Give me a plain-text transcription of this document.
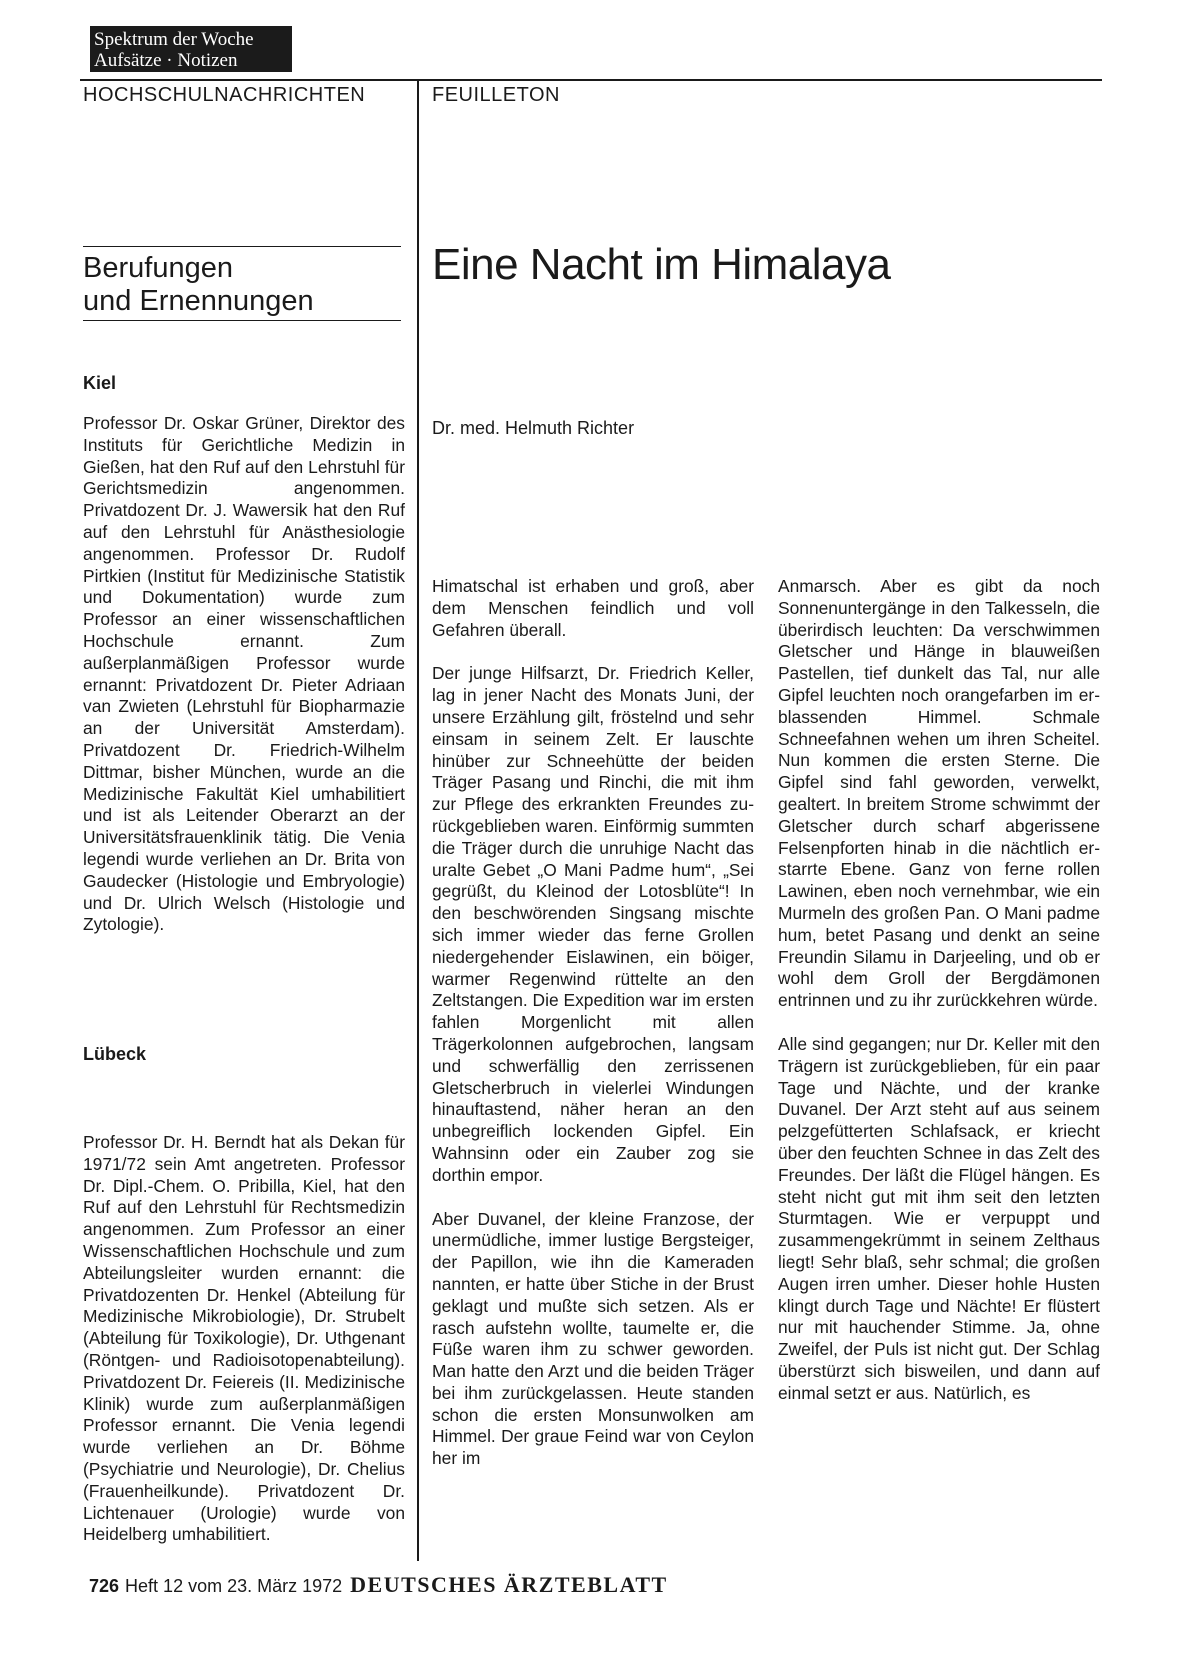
Spektrum der Woche
Aufsätze · Notizen
HOCHSCHULNACHRICHTEN	FEUILLETON
Berufungen
und Ernennungen
Kiel

Professor Dr. Oskar Grüner, Direktor des Instituts für Gerichtliche Medizin in Gießen, hat den Ruf auf den Lehrstuhl für Gerichtsmedizin angenommen. Privatdozent Dr. J. Wawersik hat den Ruf auf den Lehrstuhl für Anästhesiologie angenommen. Professor Dr. Rudolf Pirtkien (Institut für Medizinische Statistik und Dokumentation) wurde zum Professor an einer wissenschaftlichen Hochschule ernannt. Zum außerplanmäßigen Professor wurde ernannt: Privatdozent Dr. Pieter Adriaan van Zwieten (Lehrstuhl für Biopharmazie an der Universität Amsterdam). Privatdozent Dr. Friedrich-Wilhelm Dittmar, bisher München, wurde an die Medizinische Fakultät Kiel umhabilitiert und ist als Leitender Oberarzt an der Universitätsfrauenklinik tätig. Die Venia legendi wurde verliehen an Dr. Brita von Gaudecker (Histologie und Embryologie) und Dr. Ulrich Welsch (Histologie und Zytologie).

Lübeck

Professor Dr. H. Berndt hat als Dekan für 1971/72 sein Amt angetreten. Professor Dr. Dipl.-Chem. O. Pribilla, Kiel, hat den Ruf auf den Lehrstuhl für Rechtsmedizin angenommen. Zum Professor an einer Wissenschaftlichen Hochschule und zum Abteilungsleiter wurden ernannt: die Privatdozenten Dr. Henkel (Abteilung für Medizinische Mikrobiologie), Dr. Strubelt (Abteilung für Toxikologie), Dr. Uthgenant (Röntgen- und Radioisotopenabteilung). Privatdozent Dr. Feiereis (II. Medizinische Klinik) wurde zum außerplanmäßigen Professor ernannt. Die Venia legendi wurde verliehen an Dr. Böhme (Psychiatrie und Neurologie), Dr. Chelius (Frauenheilkunde). Privatdozent Dr. Lichtenauer (Urologie) wurde von Heidelberg umhabilitiert.

Eine Nacht im Himalaya
Dr. med. Helmuth Richter

Himatschal ist erhaben und groß, aber dem Menschen feindlich und voll Gefahren überall.

Der junge Hilfsarzt, Dr. Friedrich Keller, lag in jener Nacht des Monats Juni, der unsere Erzählung gilt, fröstelnd und sehr einsam in seinem Zelt. Er lauschte hinüber zur Schneehütte der beiden Träger Pasang und Rinchi, die mit ihm zur Pflege des erkrankten Freundes zurückgeblieben waren. Einförmig summten die Träger durch die unruhige Nacht das uralte Gebet „O Mani Padme hum“, „Sei gegrüßt, du Kleinod der Lotosblüte“! In den beschwörenden Singsang mischte sich immer wieder das ferne Grollen niedergehender Eislawinen, ein böiger, warmer Regenwind rüttelte an den Zeltstangen. Die Expedition war im ersten fahlen Morgenlicht mit allen Trägerkolonnen aufgebrochen, langsam und schwerfällig den zerrissenen Gletscherbruch in vielerlei Windungen hinauftastend, näher heran an den unbegreiflich lockenden Gipfel. Ein Wahnsinn oder ein Zauber zog sie dorthin empor.

Aber Duvanel, der kleine Franzose, der unermüdliche, immer lustige Bergsteiger, der Papillon, wie ihn die Kameraden nannten, er hatte über Stiche in der Brust geklagt und mußte sich setzen. Als er rasch aufstehn wollte, taumelte er, die Füße waren ihm zu schwer geworden. Man hatte den Arzt und die beiden Träger bei ihm zurückgelassen. Heute standen schon die ersten Monsunwolken am Himmel. Der graue Feind war von Ceylon her im

Anmarsch. Aber es gibt da noch Sonnenuntergänge in den Talkesseln, die überirdisch leuchten: Da verschwimmen Gletscher und Hänge in blauweißen Pastellen, tief dunkelt das Tal, nur alle Gipfel leuchten noch orangefarben im erblassenden Himmel. Schmale Schneefahnen wehen um ihren Scheitel. Nun kommen die ersten Sterne. Die Gipfel sind fahl geworden, verwelkt, gealtert. In breitem Strome schwimmt der Gletscher durch scharf abgerissene Felsenpforten hinab in die nächtlich erstarrte Ebene. Ganz von ferne rollen Lawinen, eben noch vernehmbar, wie ein Murmeln des großen Pan. O Mani padme hum, betet Pasang und denkt an seine Freundin Silamu in Darjeeling, und ob er wohl dem Groll der Bergdämonen entrinnen und zu ihr zurückkehren würde.

Alle sind gegangen; nur Dr. Keller mit den Trägern ist zurückgeblieben, für ein paar Tage und Nächte, und der kranke Duvanel. Der Arzt steht auf aus seinem pelzgefütterten Schlafsack, er kriecht über den feuchten Schnee in das Zelt des Freundes. Der läßt die Flügel hängen. Es steht nicht gut mit ihm seit den letzten Sturmtagen. Wie er verpuppt und zusammengekrümmt in seinem Zelthaus liegt! Sehr blaß, sehr schmal; die großen Augen irren umher. Dieser hohle Husten klingt durch Tage und Nächte! Er flüstert nur mit hauchender Stimme. Ja, ohne Zweifel, der Puls ist nicht gut. Der Schlag überstürzt sich bisweilen, und dann auf einmal setzt er aus. Natürlich, es

726 Heft 12 vom 23. März 1972 DEUTSCHES ÄRZTEBLATT
